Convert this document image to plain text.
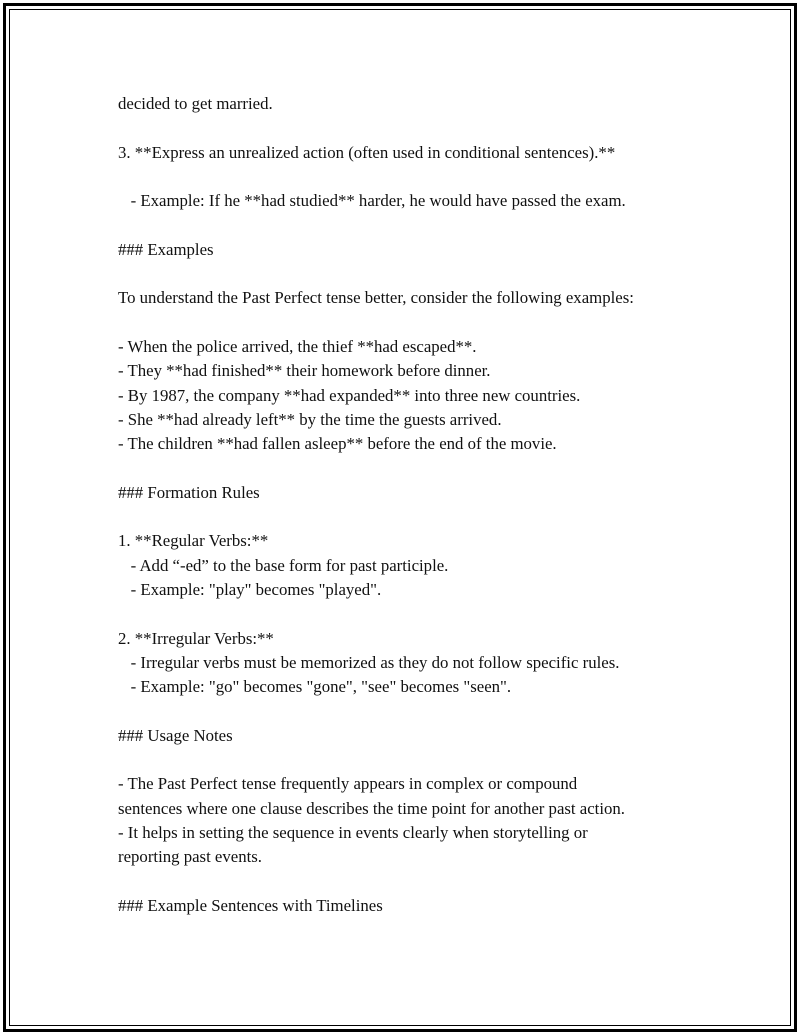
decided to get married.
3. **Express an unrealized action (often used in conditional sentences).**
- Example: If he **had studied** harder, he would have passed the exam.
### Examples
To understand the Past Perfect tense better, consider the following examples:
- When the police arrived, the thief **had escaped**.
- They **had finished** their homework before dinner.
- By 1987, the company **had expanded** into three new countries.
- She **had already left** by the time the guests arrived.
- The children **had fallen asleep** before the end of the movie.
### Formation Rules
1. **Regular Verbs:**
- Add “-ed” to the base form for past participle.
- Example: "play" becomes "played".
2. **Irregular Verbs:**
- Irregular verbs must be memorized as they do not follow specific rules.
- Example: "go" becomes "gone", "see" becomes "seen".
### Usage Notes
- The Past Perfect tense frequently appears in complex or compound
sentences where one clause describes the time point for another past action.
- It helps in setting the sequence in events clearly when storytelling or
reporting past events.
### Example Sentences with Timelines
